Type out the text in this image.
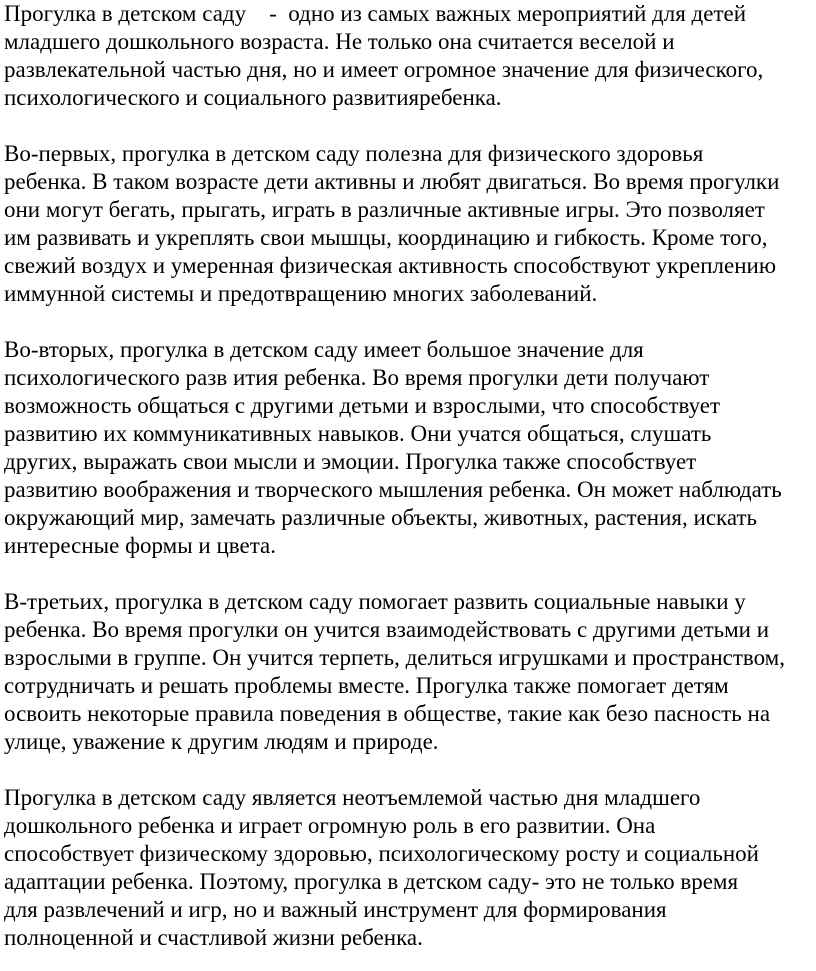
Прогулка в детском саду    -  одно из самых важных мероприятий для детей
младшего дошкольного возраста. Не только она считается веселой и
развлекательной частью дня, но и имеет огромное значение для физического,
психологического и социального развитияребенка.
Во-первых, прогулка в детском саду полезна для физического здоровья
ребенка. В таком возрасте дети активны и любят двигаться. Во время прогулки
они могут бегать, прыгать, играть в различные активные игры. Это позволяет
им развивать и укреплять свои мышцы, координацию и гибкость. Кроме того,
свежий воздух и умеренная физическая активность способствуют укреплению
иммунной системы и предотвращению многих заболеваний.
Во-вторых, прогулка в детском саду имеет большое значение для
психологического разв ития ребенка. Во время прогулки дети получают
возможность общаться с другими детьми и взрослыми, что способствует
развитию их коммуникативных навыков. Они учатся общаться, слушать
других, выражать свои мысли и эмоции. Прогулка также способствует
развитию воображения и творческого мышления ребенка. Он может наблюдать
окружающий мир, замечать различные объекты, животных, растения, искать
интересные формы и цвета.
В-третьих, прогулка в детском саду помогает развить социальные навыки у
ребенка. Во время прогулки он учится взаимодействовать с другими детьми и
взрослыми в группе. Он учится терпеть, делиться игрушками и пространством,
сотрудничать и решать проблемы вместе. Прогулка также помогает детям
освоить некоторые правила поведения в обществе, такие как безо пасность на
улице, уважение к другим людям и природе.
Прогулка в детском саду является неотъемлемой частью дня младшего
дошкольного ребенка и играет огромную роль в его развитии. Она
способствует физическому здоровью, психологическому росту и социальной
адаптации ребенка. Поэтому, прогулка в детском саду- это не только время
для развлечений и игр, но и важный инструмент для формирования
полноценной и счастливой жизни ребенка.
